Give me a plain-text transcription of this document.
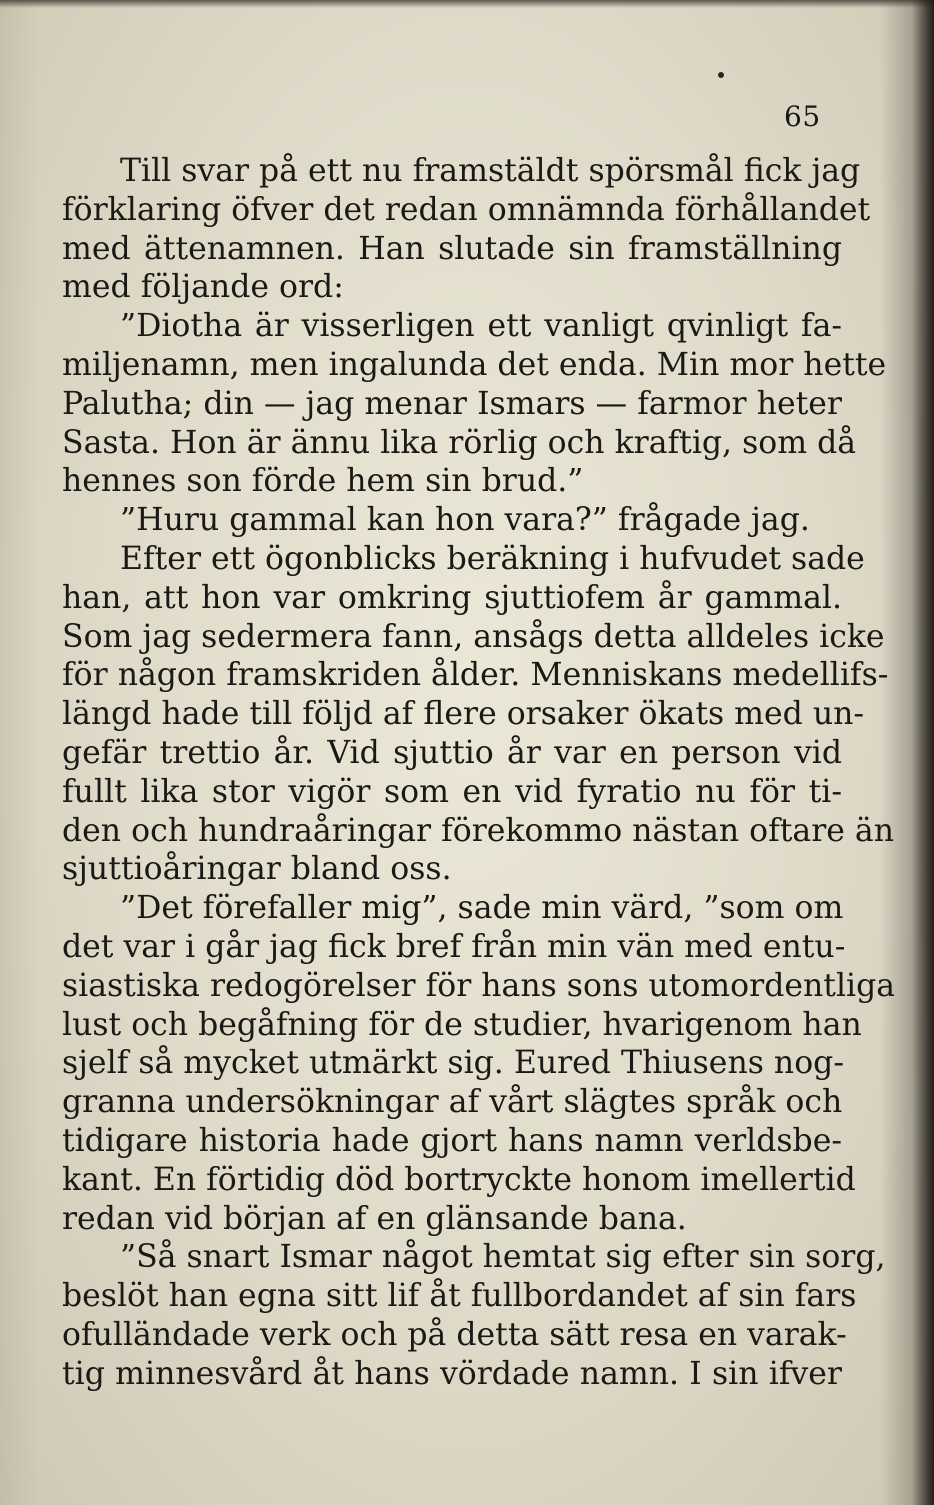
65
Till svar på ett nu framstäldt spörsmål fick jag
förklaring öfver det redan omnämnda förhållandet
med ättenamnen. Han slutade sin framställning
med följande ord:
”Diotha är visserligen ett vanligt qvinligt fa-
miljenamn, men ingalunda det enda. Min mor hette
Palutha; din — jag menar Ismars — farmor heter
Sasta. Hon är ännu lika rörlig och kraftig, som då
hennes son förde hem sin brud.”
”Huru gammal kan hon vara?” frågade jag.
Efter ett ögonblicks beräkning i hufvudet sade
han, att hon var omkring sjuttiofem år gammal.
Som jag sedermera fann, ansågs detta alldeles icke
för någon framskriden ålder. Menniskans medellifs-
längd hade till följd af flere orsaker ökats med un-
gefär trettio år. Vid sjuttio år var en person vid
fullt lika stor vigör som en vid fyratio nu för ti-
den och hundraåringar förekommo nästan oftare än
sjuttioåringar bland oss.
”Det förefaller mig”, sade min värd, ”som om
det var i går jag fick bref från min vän med entu-
siastiska redogörelser för hans sons utomordentliga
lust och begåfning för de studier, hvarigenom han
sjelf så mycket utmärkt sig. Eured Thiusens nog-
granna undersökningar af vårt slägtes språk och
tidigare historia hade gjort hans namn verldsbe-
kant. En förtidig död bortryckte honom imellertid
redan vid början af en glänsande bana.
”Så snart Ismar något hemtat sig efter sin sorg,
beslöt han egna sitt lif åt fullbordandet af sin fars
ofulländade verk och på detta sätt resa en varak-
tig minnesvård åt hans vördade namn. I sin ifver
